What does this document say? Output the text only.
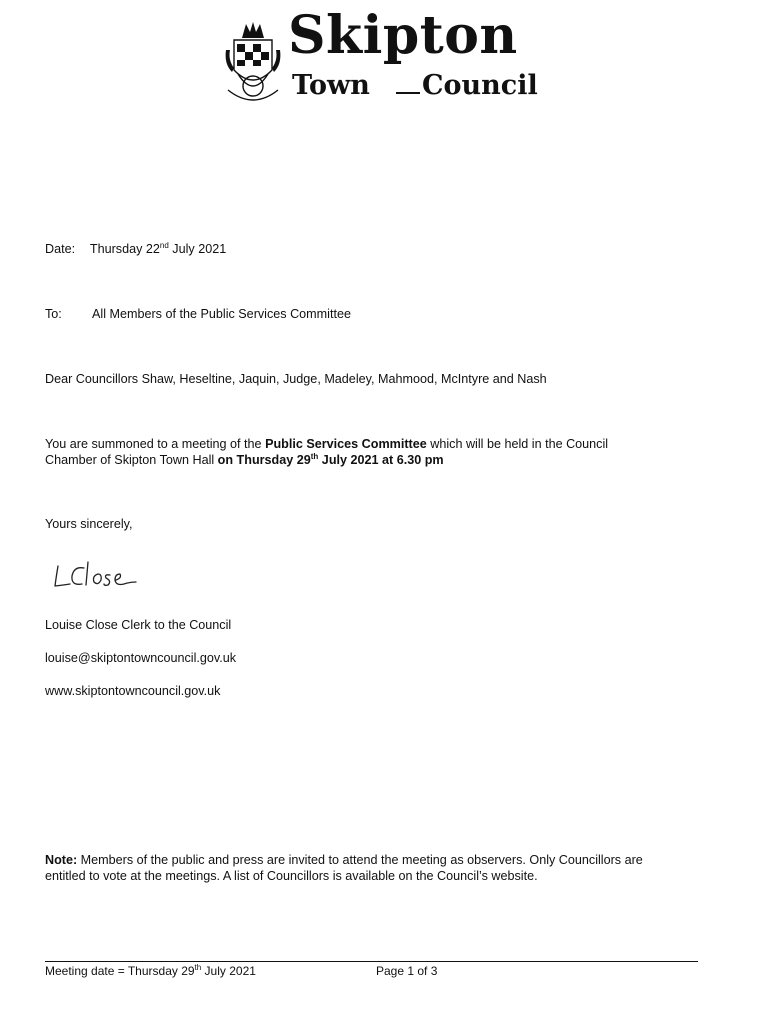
Skipton
Town Council
Date: Thursday 22nd July 2021
To: All Members of the Public Services Committee
Dear Councillors Shaw, Heseltine, Jaquin, Judge, Madeley, Mahmood, McIntyre and Nash
You are summoned to a meeting of the Public Services Committee which will be held in the Council
Chamber of Skipton Town Hall on Thursday 29th July 2021 at 6.30 pm
Yours sincerely,
Louise Close Clerk to the Council
louise@skiptontowncouncil.gov.uk
www.skiptontowncouncil.gov.uk
Note: Members of the public and press are invited to attend the meeting as observers. Only Councillors are
entitled to vote at the meetings. A list of Councillors is available on the Council’s website.
Meeting date = Thursday 29th July 2021	Page 1 of 3
